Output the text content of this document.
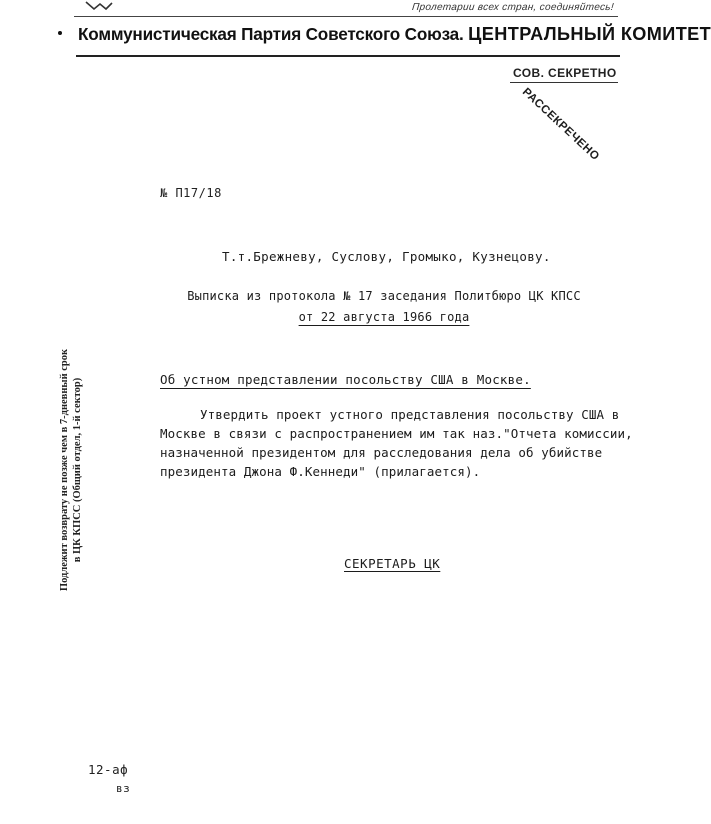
Пролетарии всех стран, соединяйтесь!
Коммунистическая Партия Советского Союза. ЦЕНТРАЛЬНЫЙ КОМИТЕТ
СОВ. СЕКРЕТНО
РАССЕКРЕЧЕНО
№ П17/18
Т.т.Брежневу, Суслову, Громыко, Кузнецову.
Выписка из протокола № 17 заседания Политбюро ЦК КПСС
от 22 августа 1966 года
Об устном представлении посольству США в Москве.
Утвердить проект устного представления посольству США в
Москве в связи с распространением им так наз."Отчета комиссии,
назначенной президентом для расследования дела об убийстве
президента Джона Ф.Кеннеди" (прилагается).
СЕКРЕТАРЬ ЦК
Подлежит возврату не позже чем в 7-дневный срок в ЦК КПСС (Общий отдел, 1-й сектор)
12-аф
вз
